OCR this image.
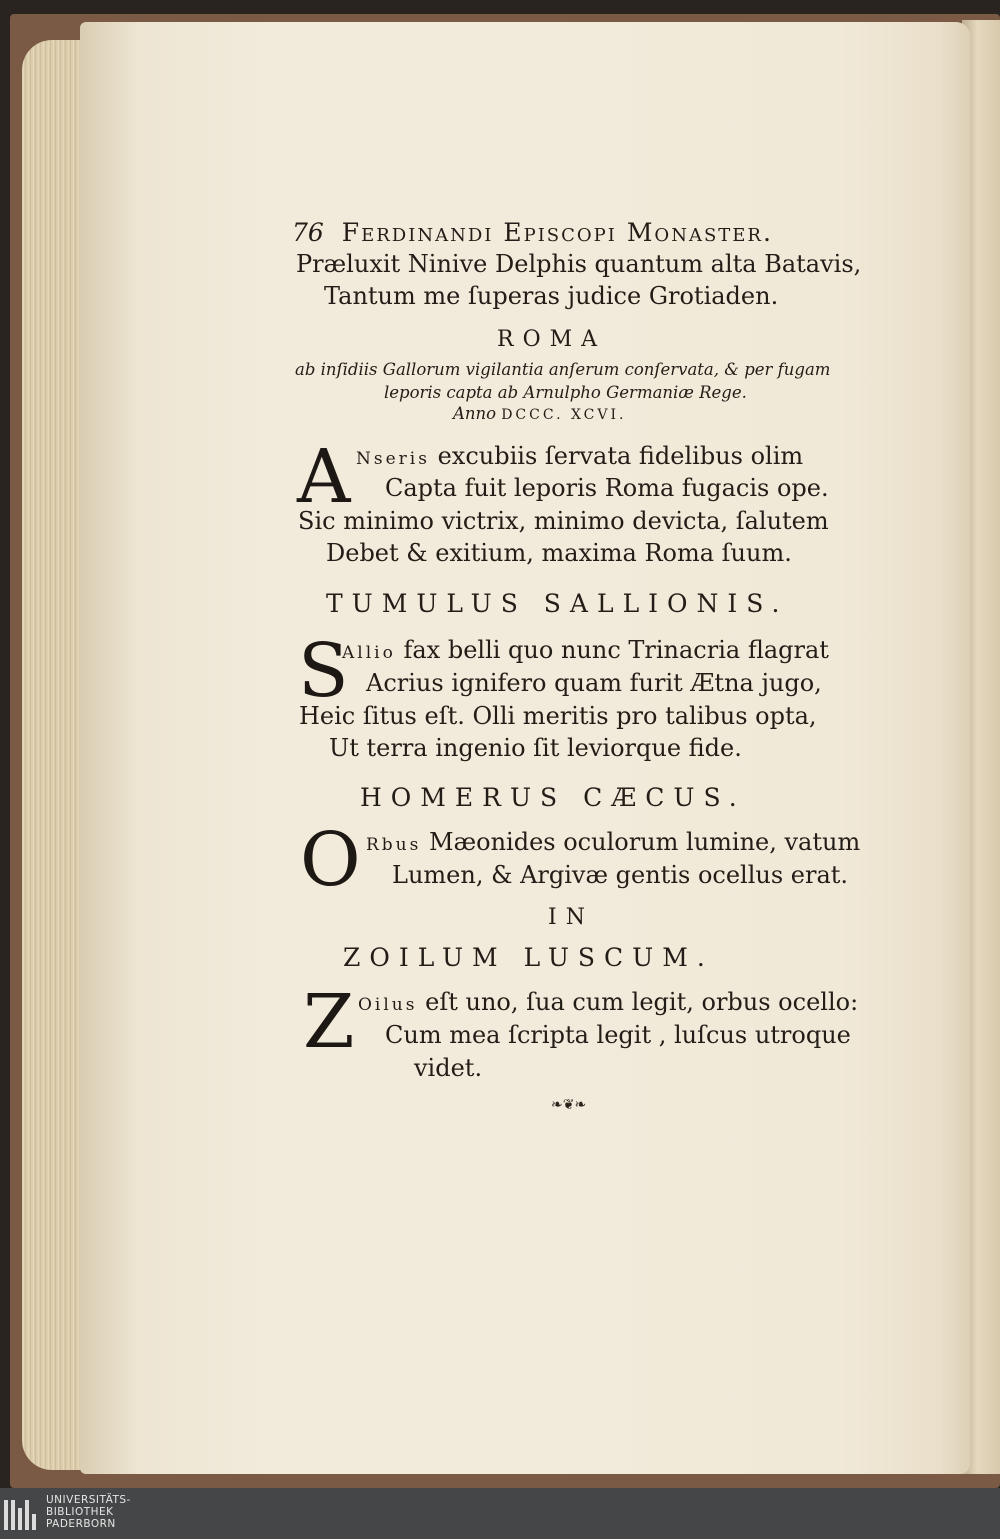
76 Ferdinandi Episcopi Monaster.
Præluxit Ninive Delphis quantum alta Batavis,
Tantum me ſuperas judice Grotiaden.
ROMA
ab inſidiis Gallorum vigilantia anſerum conſervata, & per fugam
leporis capta ab Arnulpho Germaniæ Rege.
Anno DCCC. XCVI.
A Nseris excubiis ſervata fidelibus olim
Capta fuit leporis Roma fugacis ope.
Sic minimo victrix, minimo devicta, ſalutem
Debet & exitium, maxima Roma ſuum.
TUMULUS SALLIONIS.
S
Allio fax belli quo nunc Trinacria flagrat
Acrius ignifero quam furit Ætna jugo,
Heic ſitus eſt. Olli meritis pro talibus opta,
Ut terra ingenio ſit leviorque fide.
HOMERUS CÆCUS.
O Rbus Mæonides oculorum lumine, vatum
Lumen, & Argivæ gentis ocellus erat.
IN
ZOILUM LUSCUM.
Z Oilus eſt uno, ſua cum legit, orbus ocello:
Cum mea ſcripta legit , luſcus utroque
videt.
❧❦❧
UNIVERSITÄTS-
BIBLIOTHEK
PADERBORN
